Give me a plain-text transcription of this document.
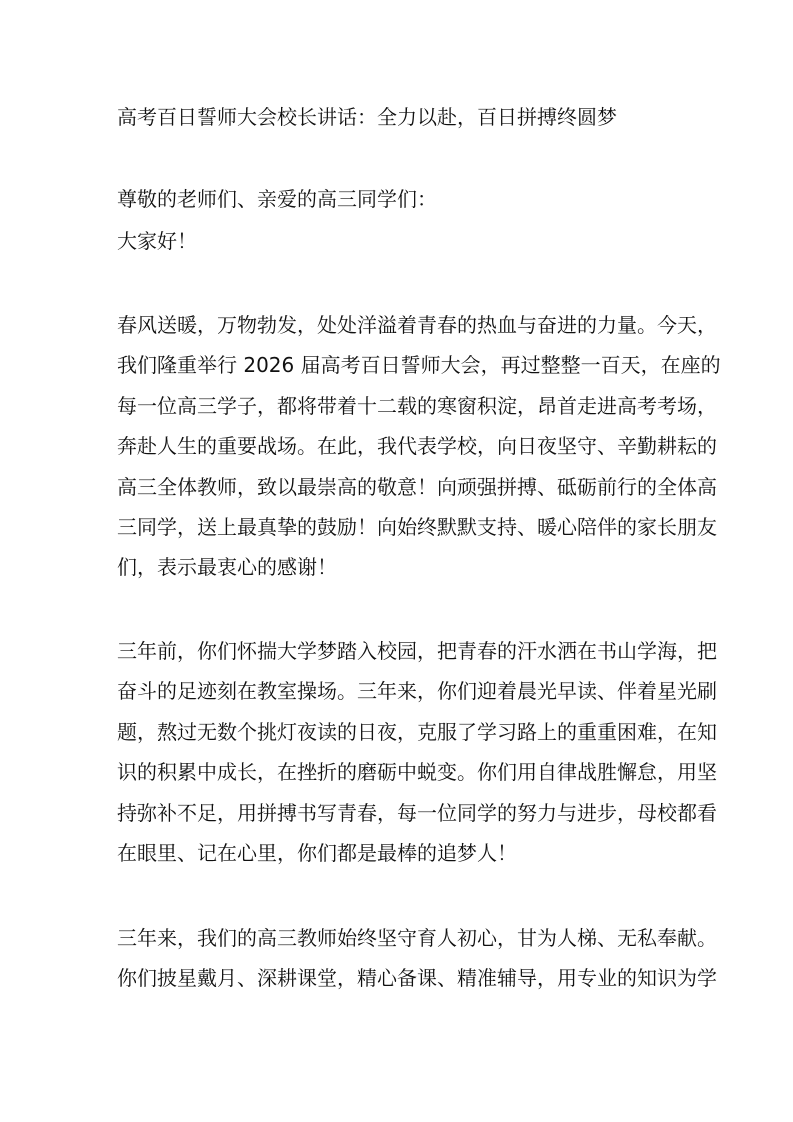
高考百日誓师大会校长讲话：全力以赴，百日拼搏终圆梦
尊敬的老师们、亲爱的高三同学们：
大家好！
春风送暖，万物勃发，处处洋溢着青春的热血与奋进的力量。今天，
我们隆重举行 2026 届高考百日誓师大会，再过整整一百天，在座的
每一位高三学子，都将带着十二载的寒窗积淀，昂首走进高考考场，
奔赴人生的重要战场。在此，我代表学校，向日夜坚守、辛勤耕耘的
高三全体教师，致以最崇高的敬意！向顽强拼搏、砥砺前行的全体高
三同学，送上最真挚的鼓励！向始终默默支持、暖心陪伴的家长朋友
们，表示最衷心的感谢！
三年前，你们怀揣大学梦踏入校园，把青春的汗水洒在书山学海，把
奋斗的足迹刻在教室操场。三年来，你们迎着晨光早读、伴着星光刷
题，熬过无数个挑灯夜读的日夜，克服了学习路上的重重困难，在知
识的积累中成长，在挫折的磨砺中蜕变。你们用自律战胜懈怠，用坚
持弥补不足，用拼搏书写青春，每一位同学的努力与进步，母校都看
在眼里、记在心里，你们都是最棒的追梦人！
三年来，我们的高三教师始终坚守育人初心，甘为人梯、无私奉献。
你们披星戴月、深耕课堂，精心备课、精准辅导，用专业的知识为学
